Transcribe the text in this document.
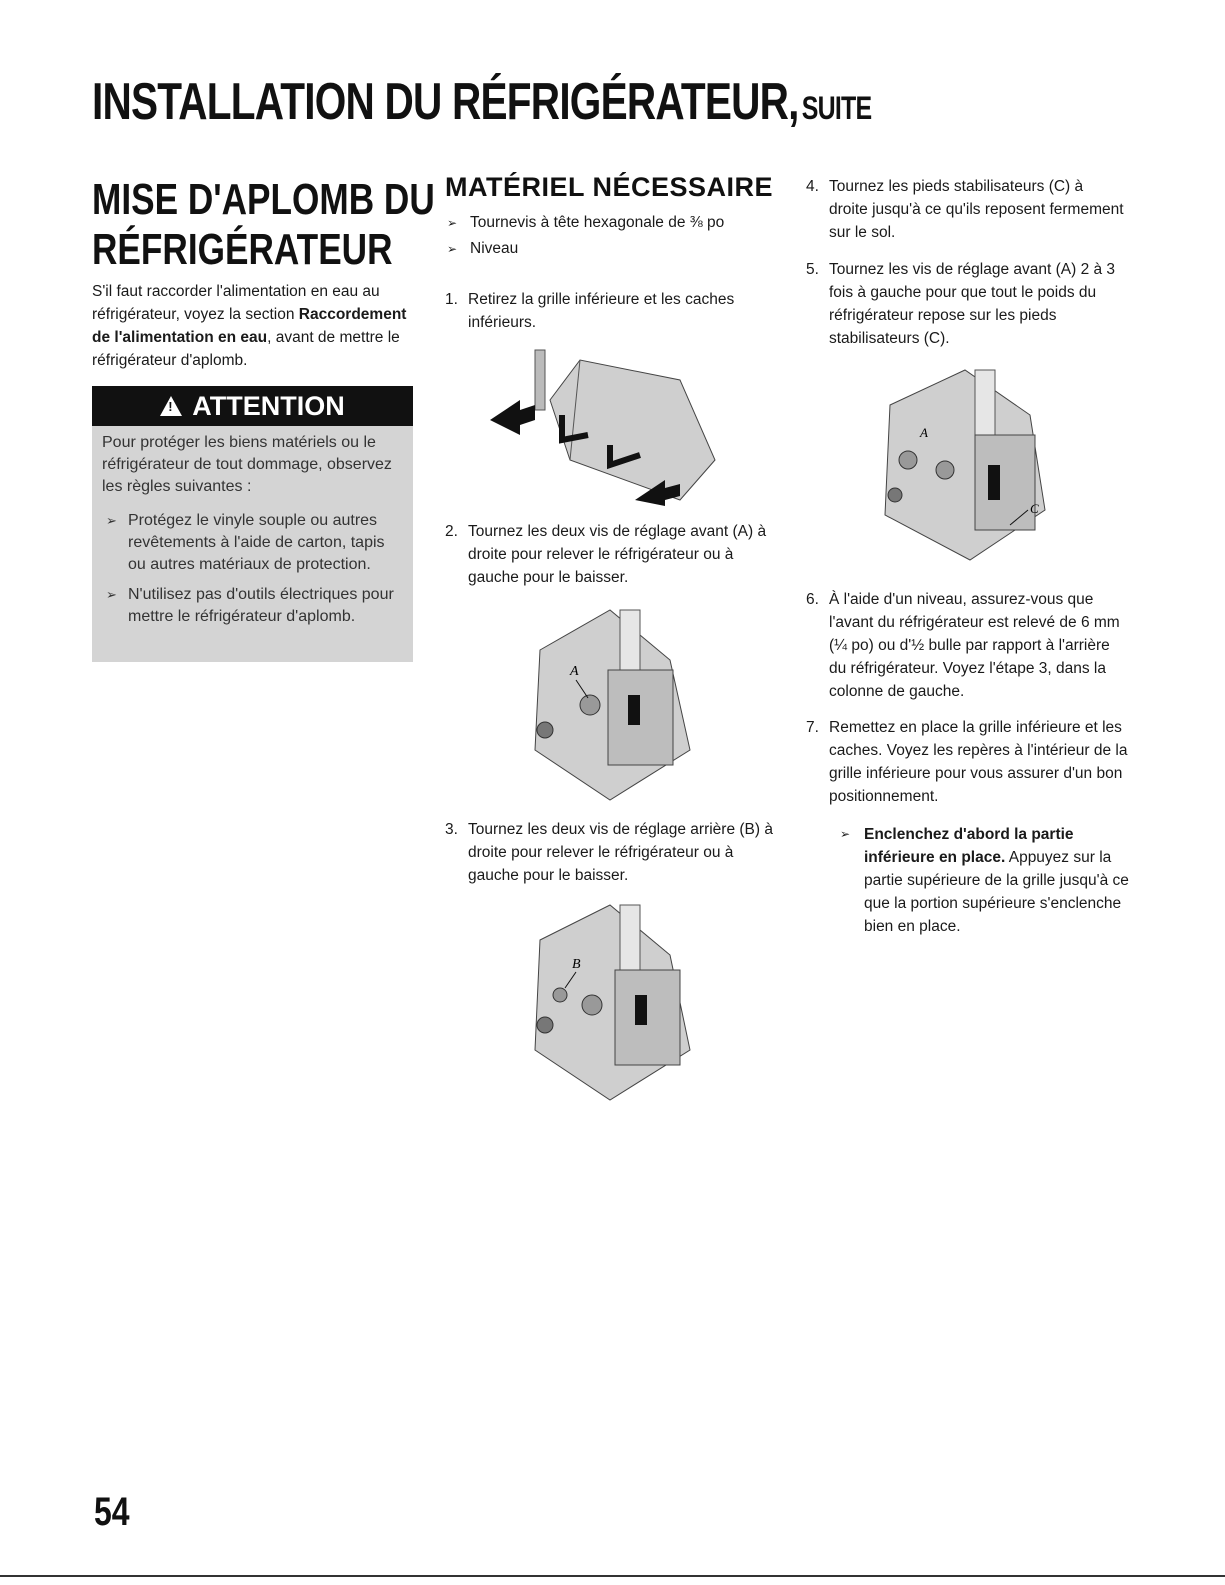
INSTALLATION DU RÉFRIGÉRATEUR,SUITE
MISE D'APLOMB DU
RÉFRIGÉRATEUR
S'il faut raccorder l'alimentation en eau au réfrigérateur, voyez la section Raccordement de l'alimentation en eau, avant de mettre le réfrigérateur d'aplomb.
!
ATTENTION
Pour protéger les biens matériels ou le réfrigérateur de tout dommage, observez les règles suivantes :
➢ Protégez le vinyle souple ou autres revêtements à l'aide de carton, tapis ou autres matériaux de protection.
➢ N'utilisez pas d'outils électriques pour mettre le réfrigérateur d'aplomb.
MATÉRIEL NÉCESSAIRE
➢ Tournevis à tête hexagonale de ⅜ po
➢ Niveau
1. Retirez la grille inférieure et les caches inférieurs.
2. Tournez les deux vis de réglage avant (A) à droite pour relever le réfrigérateur ou à gauche pour le baisser.
A
3. Tournez les deux vis de réglage arrière (B) à droite pour relever le réfrigérateur ou à gauche pour le baisser.
B
4. Tournez les pieds stabilisateurs (C) à droite jusqu'à ce qu'ils reposent fermement sur le sol.
5. Tournez les vis de réglage avant (A) 2 à 3 fois à gauche pour que tout le poids du réfrigérateur repose sur les pieds stabilisateurs (C).
A
C
6. À l'aide d'un niveau, assurez-vous que l'avant du réfrigérateur est relevé de 6 mm (¼ po) ou d'½ bulle par rapport à l'arrière du réfrigérateur. Voyez l'étape 3, dans la colonne de gauche.
7. Remettez en place la grille inférieure et les caches. Voyez les repères à l'intérieur de la grille inférieure pour vous assurer d'un bon positionnement.
➢ Enclenchez d'abord la partie inférieure en place. Appuyez sur la partie supérieure de la grille jusqu'à ce que la portion supérieure s'enclenche bien en place.
54
